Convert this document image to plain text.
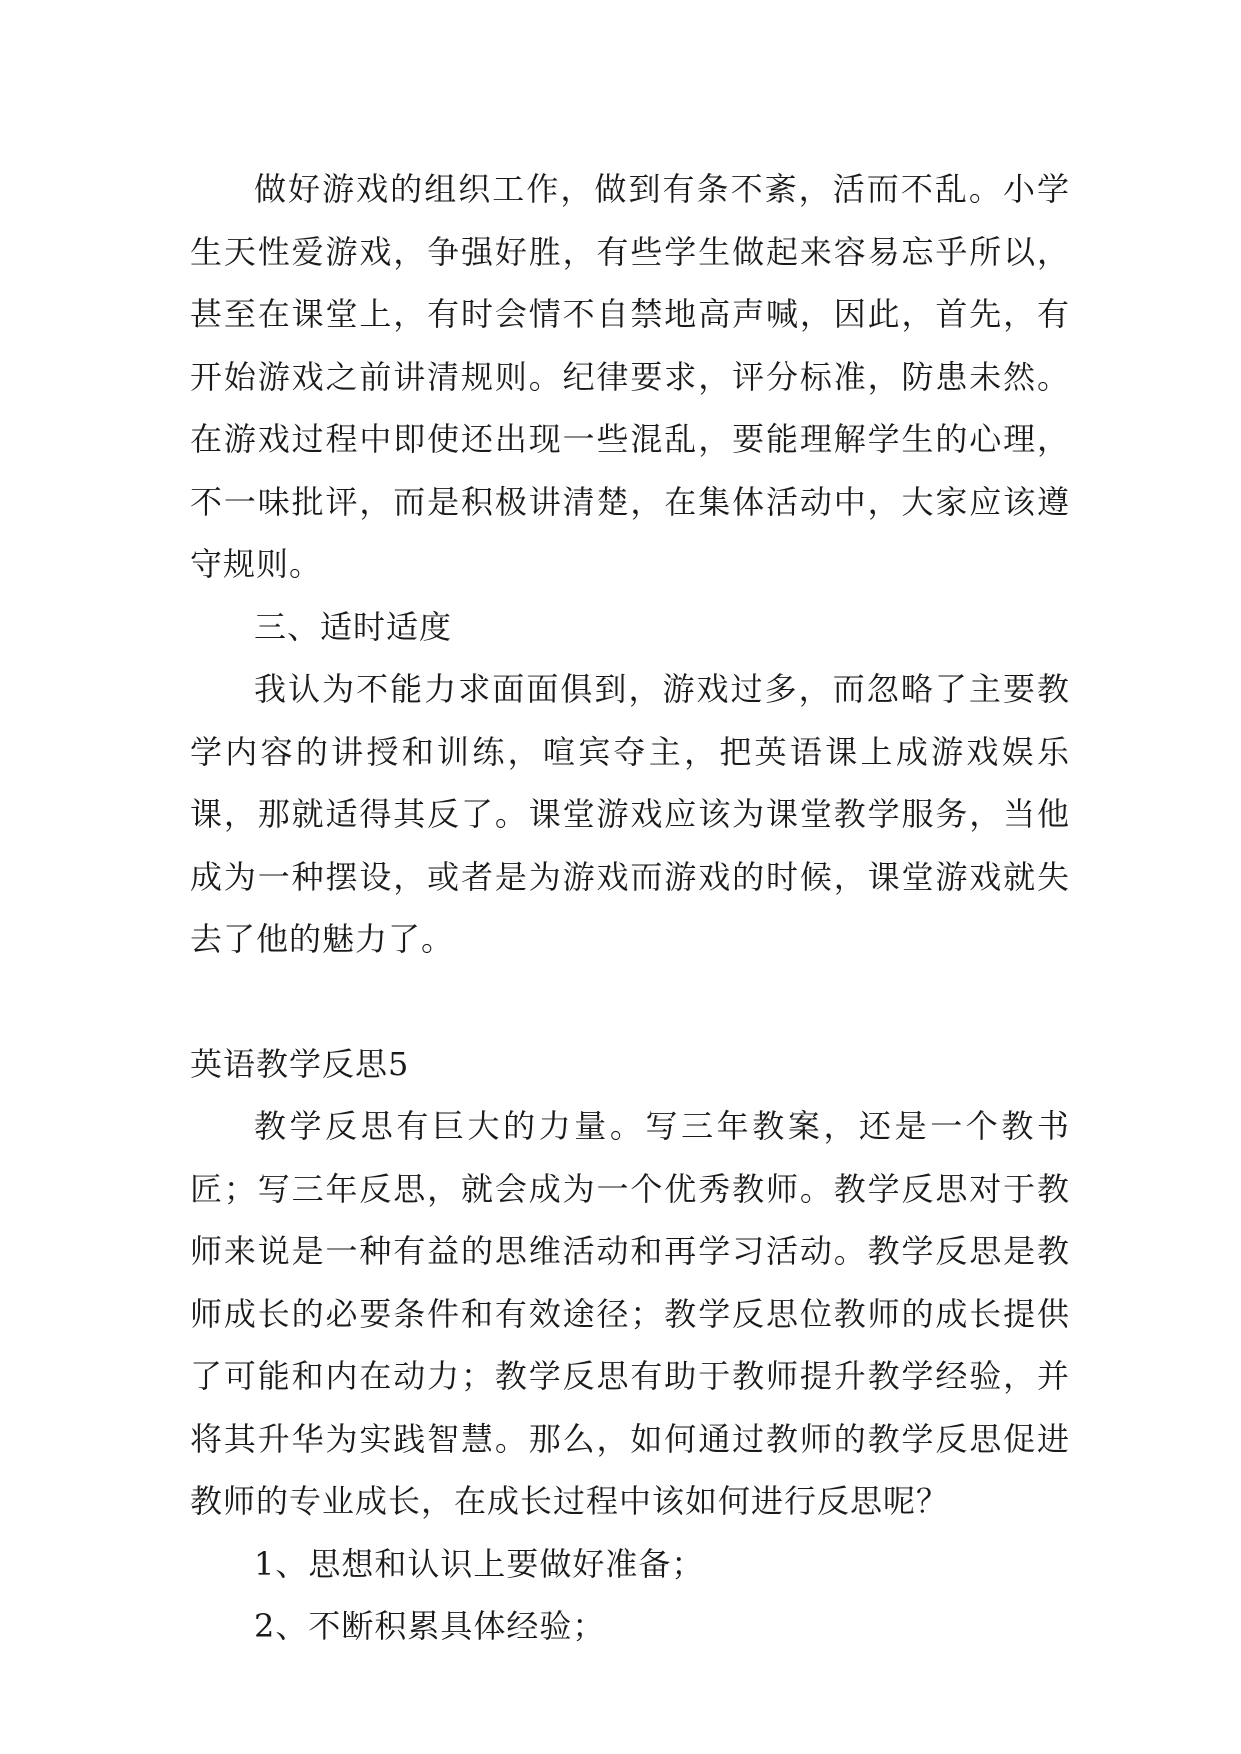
做好游戏的组织工作，做到有条不紊，活而不乱。小学生天性爱游戏，争强好胜，有些学生做起来容易忘乎所以，甚至在课堂上，有时会情不自禁地高声喊，因此，首先，有开始游戏之前讲清规则。纪律要求，评分标准，防患未然。在游戏过程中即使还出现一些混乱，要能理解学生的心理，不一味批评，而是积极讲清楚，在集体活动中，大家应该遵守规则。

三、适时适度

我认为不能力求面面俱到，游戏过多，而忽略了主要教学内容的讲授和训练，喧宾夺主，把英语课上成游戏娱乐课，那就适得其反了。课堂游戏应该为课堂教学服务，当他成为一种摆设，或者是为游戏而游戏的时候，课堂游戏就失去了他的魅力了。

英语教学反思5

教学反思有巨大的力量。写三年教案，还是一个教书匠；写三年反思，就会成为一个优秀教师。教学反思对于教师来说是一种有益的思维活动和再学习活动。教学反思是教师成长的必要条件和有效途径；教学反思位教师的成长提供了可能和内在动力；教学反思有助于教师提升教学经验，并将其升华为实践智慧。那么，如何通过教师的教学反思促进教师的专业成长，在成长过程中该如何进行反思呢？

1、思想和认识上要做好准备；

2、不断积累具体经验；
